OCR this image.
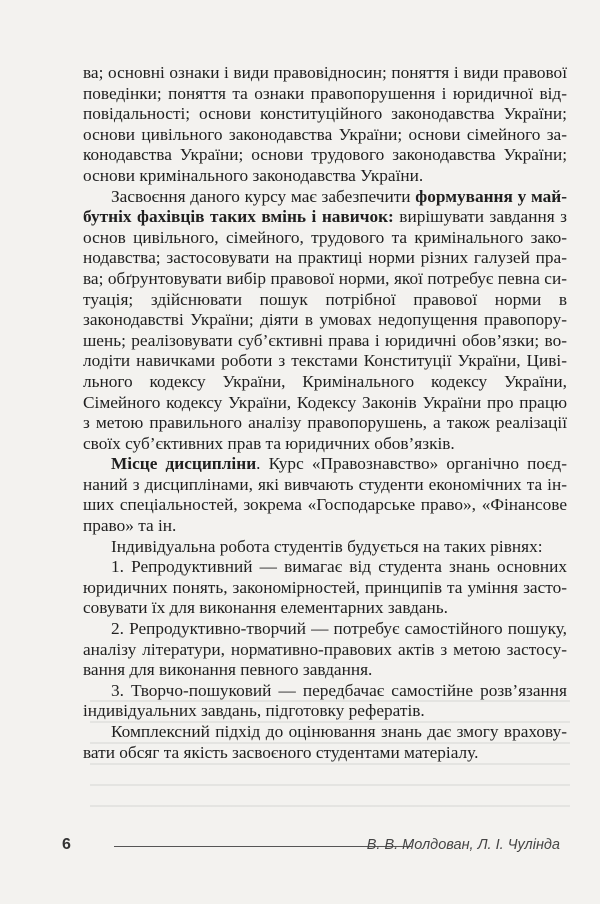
ва; основні ознаки і види правовідносин; поняття і види правової поведінки; поняття та ознаки правопорушення і юридичної відповідальності; основи конституційного законодавства України; основи цивільного законодавства України; основи сімейного законодавства України; основи трудового законодавства України; основи кримінального законодавства України.

Засвоєння даного курсу має забезпечити формування у майбутніх фахівців таких вмінь і навичок: вирішувати завдання з основ цивільного, сімейного, трудового та кримінального законодавства; застосовувати на практиці норми різних галузей права; обґрунтовувати вибір правової норми, якої потребує певна ситуація; здійснювати пошук потрібної правової норми в законодавстві України; діяти в умовах недопущення правопорушень; реалізовувати суб’єктивні права і юридичні обов’язки; володіти навичками роботи з текстами Конституції України, Цивільного кодексу України, Кримінального кодексу України, Сімейного кодексу України, Кодексу Законів України про працю з метою правильного аналізу правопорушень, а також реалізації своїх суб’єктивних прав та юридичних обов’язків.

Місце дисципліни. Курс «Правознавство» органічно поєднаний з дисциплінами, які вивчають студенти економічних та інших спеціальностей, зокрема «Господарське право», «Фінансове право» та ін.

Індивідуальна робота студентів будується на таких рівнях:

1. Репродуктивний — вимагає від студента знань основних юридичних понять, закономірностей, принципів та уміння застосовувати їх для виконання елементарних завдань.

2. Репродуктивно-творчий — потребує самостійного пошуку, аналізу літератури, нормативно-правових актів з метою застосування для виконання певного завдання.

3. Творчо-пошуковий — передбачає самостійне розв’язання індивідуальних завдань, підготовку рефератів.

Комплексний підхід до оцінювання знань дає змогу враховувати обсяг та якість засвоєного студентами матеріалу.

6	В. В. Молдован, Л. І. Чулінда
